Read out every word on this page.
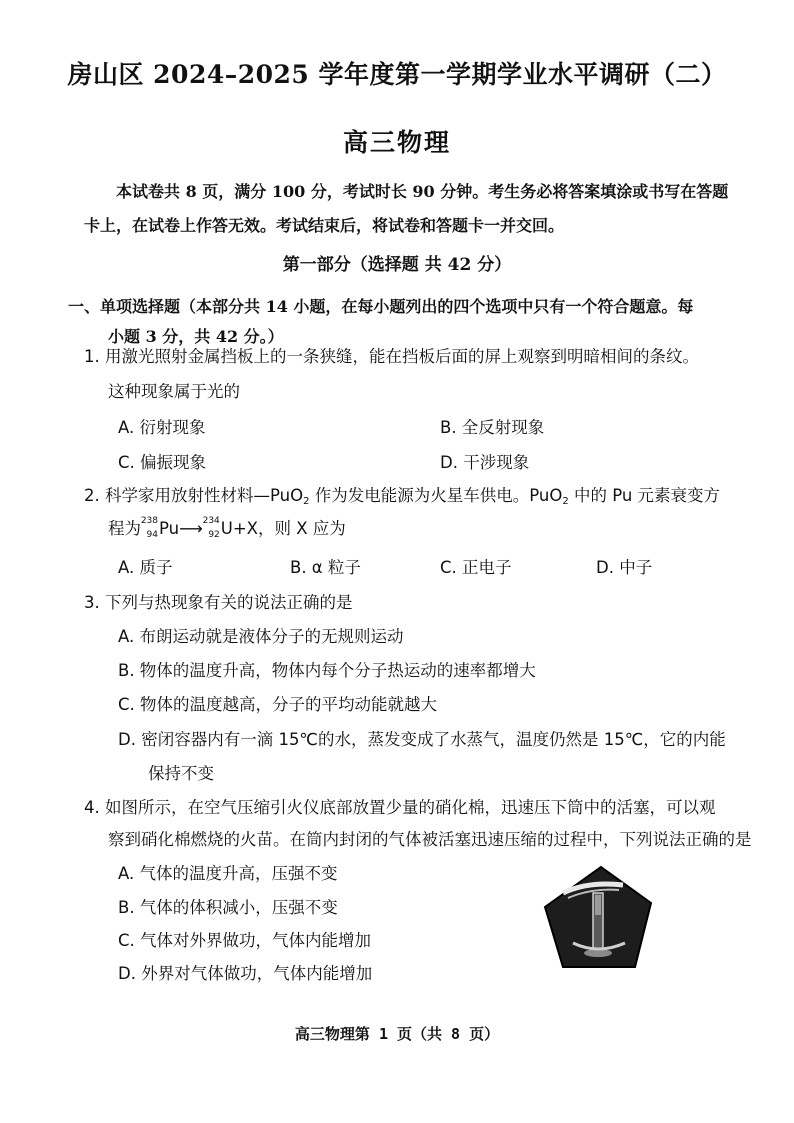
房山区 2024–2025 学年度第一学期学业水平调研（二）
高三物理
本试卷共 8 页，满分 100 分，考试时长 90 分钟。考生务必将答案填涂或书写在答题卡上，在试卷上作答无效。考试结束后，将试卷和答题卡一并交回。
第一部分（选择题 共 42 分）
一、单项选择题（本部分共 14 小题，在每小题列出的四个选项中只有一个符合题意。每
小题 3 分，共 42 分。）
1. 用激光照射金属挡板上的一条狭缝，能在挡板后面的屏上观察到明暗相间的条纹。
这种现象属于光的
A. 衍射现象	B. 全反射现象
C. 偏振现象	D. 干涉现象
2. 科学家用放射性材料—PuO$_2$ 作为发电能源为火星车供电。PuO$_2$ 中的 Pu 元素衰变方
程为 238
94 Pu⟶ 234
92 U+X，则 X 应为
A. 质子	B. α 粒子	C. 正电子	D. 中子
3. 下列与热现象有关的说法正确的是
A. 布朗运动就是液体分子的无规则运动
B. 物体的温度升高，物体内每个分子热运动的速率都增大
C. 物体的温度越高，分子的平均动能就越大
D. 密闭容器内有一滴 15℃的水，蒸发变成了水蒸气，温度仍然是 15℃，它的内能
保持不变
4. 如图所示，在空气压缩引火仪底部放置少量的硝化棉，迅速压下筒中的活塞，可以观
察到硝化棉燃烧的火苗。在筒内封闭的气体被活塞迅速压缩的过程中，下列说法正确的是
A. 气体的温度升高，压强不变
B. 气体的体积减小，压强不变
C. 气体对外界做功，气体内能增加
D. 外界对气体做功，气体内能增加
高三物理第 1 页（共 8 页）
